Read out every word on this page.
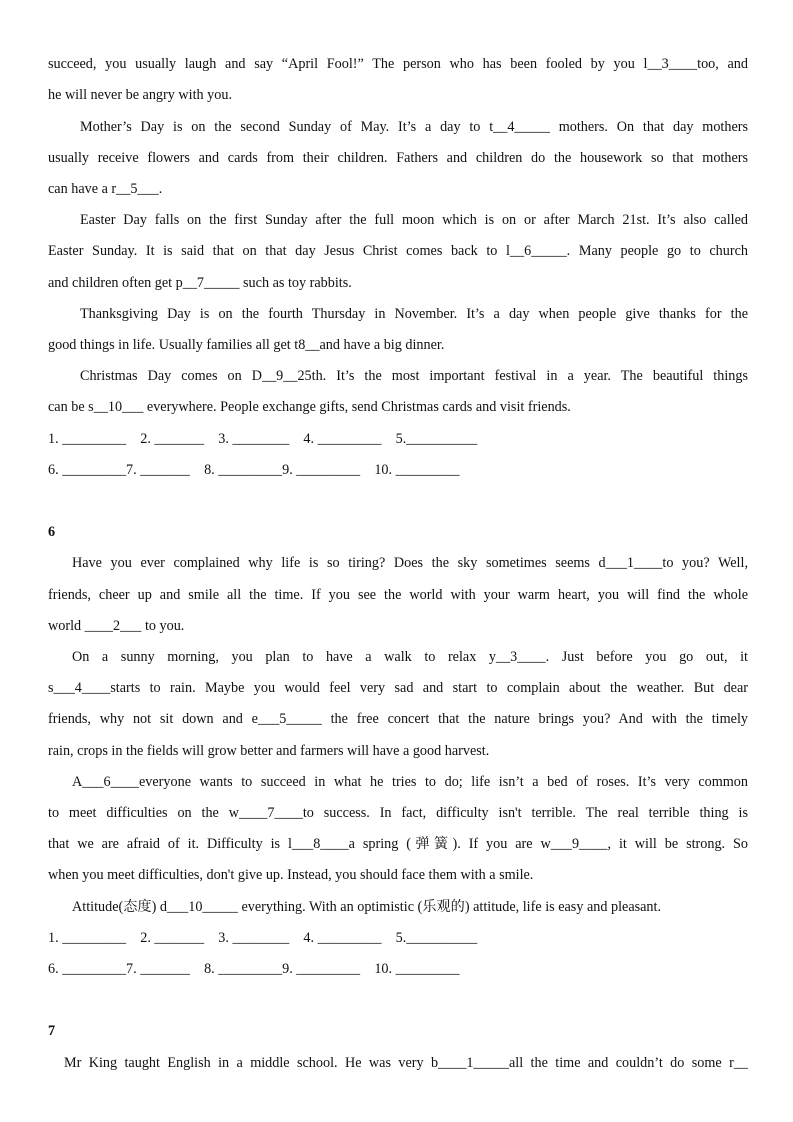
succeed, you usually laugh and say “April Fool!” The person who has been fooled by you l__3____too, and
he will never be angry with you.
Mother’s Day is on the second Sunday of May. It’s a day to t__4_____ mothers. On that day mothers
usually receive flowers and cards from their children. Fathers and children do the housework so that mothers
can have a r__5___.
Easter Day falls on the first Sunday after the full moon which is on or after March 21st. It’s also called
Easter Sunday. It is said that on that day Jesus Christ comes back to l__6_____. Many people go to church
and children often get p__7_____ such as toy rabbits.
Thanksgiving Day is on the fourth Thursday in November. It’s a day when people give thanks for the
good things in life. Usually families all get t8__and have a big dinner.
Christmas Day comes on D__9__25th. It’s the most important festival in a year. The beautiful things
can be s__10___ everywhere. People exchange gifts, send Christmas cards and visit friends.
1. _________    2. _______    3. ________    4. _________    5.__________
6. _________7. _______    8. _________9. _________    10. _________
6
Have you ever complained why life is so tiring? Does the sky sometimes seems d___1____to you? Well,
friends, cheer up and smile all the time. If you see the world with your warm heart, you will find the whole
world ____2___ to you.
On a sunny morning, you plan to have a walk to relax y__3____. Just before you go out, it
s___4____starts to rain. Maybe you would feel very sad and start to complain about the weather. But dear
friends, why not sit down and e___5_____ the free concert that the nature brings you? And with the timely
rain, crops in the fields will grow better and farmers will have a good harvest.
A___6____everyone wants to succeed in what he tries to do; life isn’t a bed of roses. It’s very common
to meet difficulties on the w____7____to success. In fact, difficulty isn't terrible. The real terrible thing is
that we are afraid of it. Difficulty is l___8____a spring (弹簧). If you are w___9____, it will be strong. So
when you meet difficulties, don't give up. Instead, you should face them with a smile.
Attitude(态度) d___10_____ everything. With an optimistic (乐观的) attitude, life is easy and pleasant.
1. _________    2. _______    3. ________    4. _________    5.__________
6. _________7. _______    8. _________9. _________    10. _________
7
Mr King taught English in a middle school. He was very b____1_____all the time and couldn’t do some r__
